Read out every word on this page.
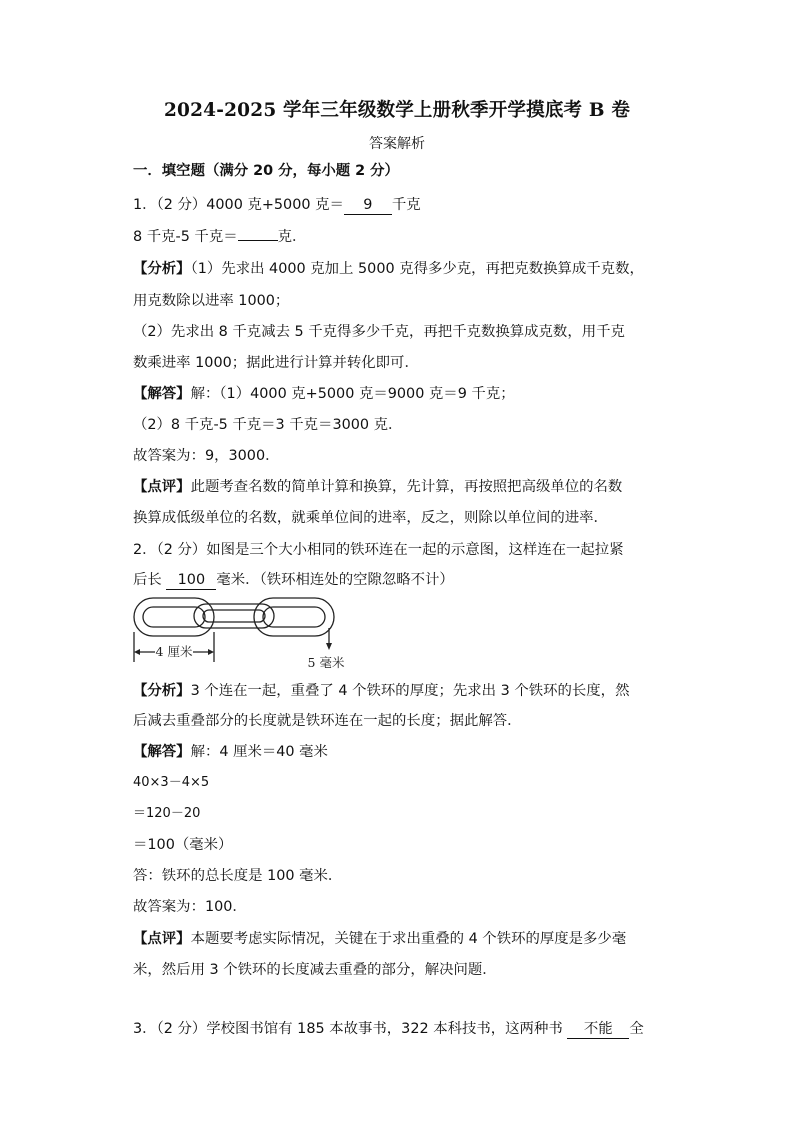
2024-2025 学年三年级数学上册秋季开学摸底考 B 卷
答案解析
一．填空题（满分 20 分，每小题 2 分）
1．（2 分）4000 克+5000 克＝ 9 千克
8 千克-5 千克＝	克．
【分析】（1）先求出 4000 克加上 5000 克得多少克，再把克数换算成千克数，
用克数除以进率 1000；
（2）先求出 8 千克减去 5 千克得多少千克，再把千克数换算成克数，用千克
数乘进率 1000；据此进行计算并转化即可．
【解答】解：（1）4000 克+5000 克＝9000 克＝9 千克；
（2）8 千克-5 千克＝3 千克＝3000 克．
故答案为：9，3000．
【点评】此题考查名数的简单计算和换算，先计算，再按照把高级单位的名数
换算成低级单位的名数，就乘单位间的进率，反之，则除以单位间的进率．
2．（2 分）如图是三个大小相同的铁环连在一起的示意图，这样连在一起拉紧
后长 100 毫米．（铁环相连处的空隙忽略不计）
4 厘米
5 毫米
【分析】3 个连在一起，重叠了 4 个铁环的厚度；先求出 3 个铁环的长度，然
后减去重叠部分的长度就是铁环连在一起的长度；据此解答．
【解答】解：4 厘米＝40 毫米
40×3－4×5
＝120－20
＝100（毫米）
答：铁环的总长度是 100 毫米．
故答案为：100．
【点评】本题要考虑实际情况，关键在于求出重叠的 4 个铁环的厚度是多少毫
米，然后用 3 个铁环的长度减去重叠的部分，解决问题．
3．（2 分）学校图书馆有 185 本故事书，322 本科技书，这两种书 不能 全
